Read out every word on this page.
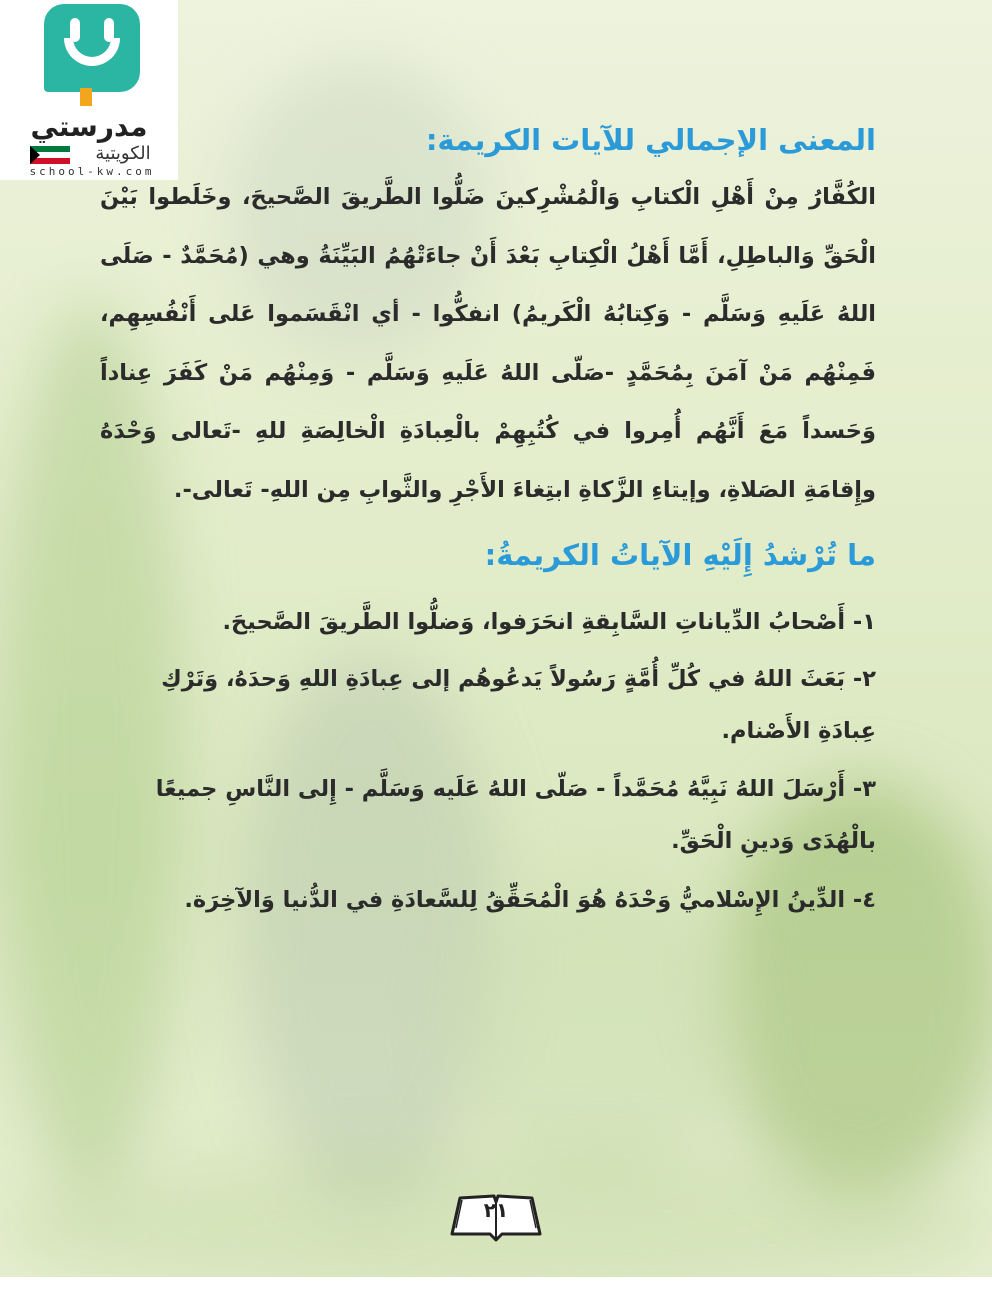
مدرستي
الكويتية
school-kw.com
المعنى الإجمالي للآيات الكريمة:

الكُفَّارُ مِنْ أَهْلِ الْكتابِ وَالْمُشْرِكينَ ضَلُّوا الطَّريقَ الصَّحيحَ، وخَلَطوا بَيْنَ الْحَقِّ وَالباطِلِ، أَمَّا أَهْلُ الْكِتابِ بَعْدَ أَنْ جاءَتْهُمُ البَيِّنَةُ وهي (مُحَمَّدٌ - صَلَى اللهُ عَلَيهِ وَسَلَّم - وَكِتابُهُ الْكَريمُ) انفكُّوا - أي انْقَسَموا عَلى أَنْفُسِهِم، فَمِنْهُم مَنْ آمَنَ بِمُحَمَّدٍ -صَلّى اللهُ عَلَيهِ وَسَلَّم - وَمِنْهُم مَنْ كَفَرَ عِناداً وَحَسداً مَعَ أَنَّهُم أُمِروا في كُتُبِهِمْ بالْعِبادَةِ الْخالِصَةِ للهِ -تَعالى وَحْدَهُ وإِقامَةِ الصَلاةِ، وإيتاءِ الزَّكاةِ ابتِغاءَ الأَجْرِ والثَّوابِ مِن اللهِ- تَعالى-.

ما تُرْشدُ إِلَيْهِ الآياتُ الكريمةُ:

١- أَصْحابُ الدِّياناتِ السَّابِقةِ انحَرَفوا، وَضلُّوا الطَّريقَ الصَّحيحَ.

٢- بَعَثَ اللهُ في كُلِّ أُمَّةٍ رَسُولاً يَدعُوهُم إلى عِبادَةِ اللهِ وَحدَهُ، وَتَرْكِ عِبادَةِ الأَصْنام.

٣- أَرْسَلَ اللهُ نَبِيَّهُ مُحَمَّداً - صَلّى اللهُ عَلَيه وَسَلَّم - إِلى النَّاسِ جميعًا بالْهُدَى وَدينِ الْحَقِّ.

٤- الدِّينُ الإِسْلاميُّ وَحْدَهُ هُوَ الْمُحَقِّقُ لِلسَّعادَةِ في الدُّنيا وَالآخِرَة.

٢١
